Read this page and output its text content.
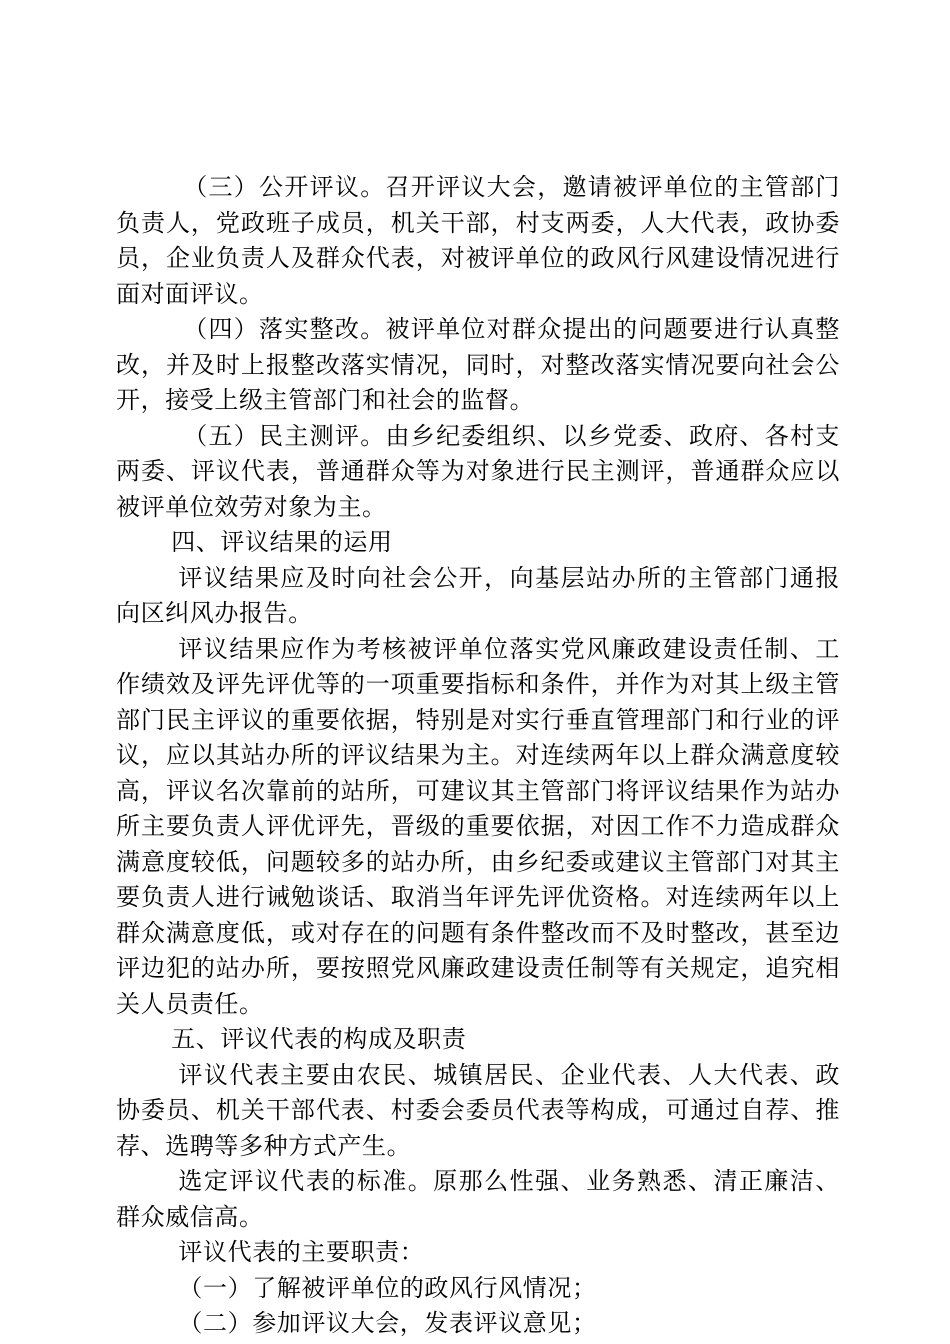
（三）公开评议。召开评议大会，邀请被评单位的主管部门负责人，党政班子成员，机关干部，村支两委，人大代表，政协委员，企业负责人及群众代表，对被评单位的政风行风建设情况进行面对面评议。

（四）落实整改。被评单位对群众提出的问题要进行认真整改，并及时上报整改落实情况，同时，对整改落实情况要向社会公开，接受上级主管部门和社会的监督。

（五）民主测评。由乡纪委组织、以乡党委、政府、各村支两委、评议代表，普通群众等为对象进行民主测评，普通群众应以被评单位效劳对象为主。

四、评议结果的运用

评议结果应及时向社会公开，向基层站办所的主管部门通报向区纠风办报告。

评议结果应作为考核被评单位落实党风廉政建设责任制、工作绩效及评先评优等的一项重要指标和条件，并作为对其上级主管部门民主评议的重要依据，特别是对实行垂直管理部门和行业的评议，应以其站办所的评议结果为主。对连续两年以上群众满意度较高，评议名次靠前的站所，可建议其主管部门将评议结果作为站办所主要负责人评优评先，晋级的重要依据，对因工作不力造成群众满意度较低，问题较多的站办所，由乡纪委或建议主管部门对其主要负责人进行诫勉谈话、取消当年评先评优资格。对连续两年以上群众满意度低，或对存在的问题有条件整改而不及时整改，甚至边评边犯的站办所，要按照党风廉政建设责任制等有关规定，追究相关人员责任。

五、评议代表的构成及职责

评议代表主要由农民、城镇居民、企业代表、人大代表、政协委员、机关干部代表、村委会委员代表等构成，可通过自荐、推荐、选聘等多种方式产生。

选定评议代表的标准。原那么性强、业务熟悉、清正廉洁、群众威信高。

评议代表的主要职责：

（一）了解被评单位的政风行风情况；

（二）参加评议大会，发表评议意见；
